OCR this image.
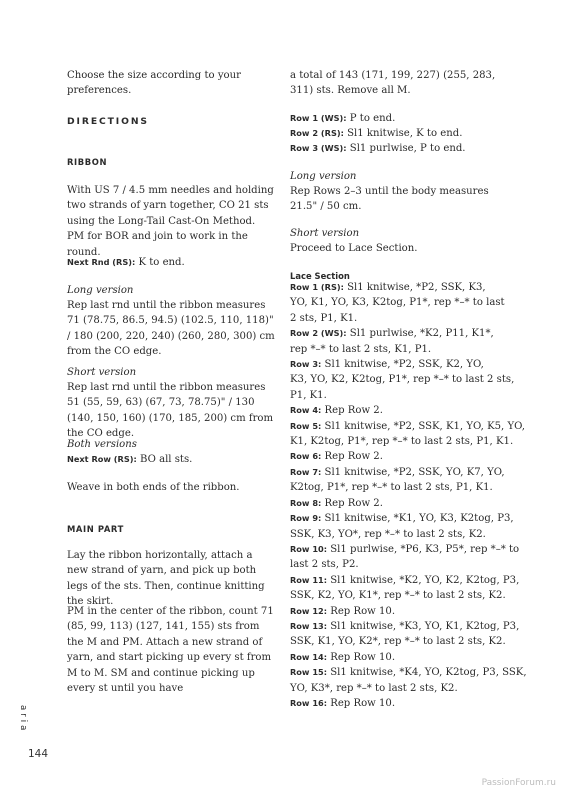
Choose the size according to your preferences.

DIRECTIONS
RIBBON

With US 7 / 4.5 mm needles and holding two strands of yarn together, CO 21 sts using the Long-Tail Cast-On Method. PM for BOR and join to work in the round.

Next Rnd (RS): K to end.

Long version

Rep last rnd until the ribbon measures 71 (78.75, 86.5, 94.5) (102.5, 110, 118)" / 180 (200, 220, 240) (260, 280, 300) cm from the CO edge.

Short version

Rep last rnd until the ribbon measures 51 (55, 59, 63) (67, 73, 78.75)" / 130 (140, 150, 160) (170, 185, 200) cm from the CO edge.

Both versions

Next Row (RS): BO all sts.

Weave in both ends of the ribbon.

MAIN PART

Lay the ribbon horizontally, attach a new strand of yarn, and pick up both legs of the sts. Then, continue knitting the skirt.

PM in the center of the ribbon, count 71 (85, 99, 113) (127, 141, 155) sts from the M and PM. Attach a new strand of yarn, and start picking up every st from M to M. SM and continue picking up every st until you have

a total of 143 (171, 199, 227) (255, 283,

311) sts. Remove all M.

Row 1 (WS): P to end.

Row 2 (RS): Sl1 knitwise, K to end.

Row 3 (WS): Sl1 purlwise, P to end.

Long version

Rep Rows 2–3 until the body measures 21.5" / 50 cm.

Short version

Proceed to Lace Section.

Lace Section
Row 1 (RS): Sl1 knitwise, *P2, SSK, K3,
YO, K1, YO, K3, K2tog, P1*, rep *–* to last
2 sts, P1, K1.
Row 2 (WS): Sl1 purlwise, *K2, P11, K1*,
rep *–* to last 2 sts, K1, P1.
Row 3: Sl1 knitwise, *P2, SSK, K2, YO,
K3, YO, K2, K2tog, P1*, rep *–* to last 2 sts,
P1, K1.
Row 4: Rep Row 2.
Row 5: Sl1 knitwise, *P2, SSK, K1, YO, K5, YO,
K1, K2tog, P1*, rep *–* to last 2 sts, P1, K1.
Row 6: Rep Row 2.
Row 7: Sl1 knitwise, *P2, SSK, YO, K7, YO,
K2tog, P1*, rep *–* to last 2 sts, P1, K1.
Row 8: Rep Row 2.
Row 9: Sl1 knitwise, *K1, YO, K3, K2tog, P3,
SSK, K3, YO*, rep *–* to last 2 sts, K2.
Row 10: Sl1 purlwise, *P6, K3, P5*, rep *–* to
last 2 sts, P2.
Row 11: Sl1 knitwise, *K2, YO, K2, K2tog, P3,
SSK, K2, YO, K1*, rep *–* to last 2 sts, K2.
Row 12: Rep Row 10.
Row 13: Sl1 knitwise, *K3, YO, K1, K2tog, P3,
SSK, K1, YO, K2*, rep *–* to last 2 sts, K2.
Row 14: Rep Row 10.
Row 15: Sl1 knitwise, *K4, YO, K2tog, P3, SSK,
YO, K3*, rep *–* to last 2 sts, K2.
Row 16: Rep Row 10.
aria
144
PassionForum.ru
